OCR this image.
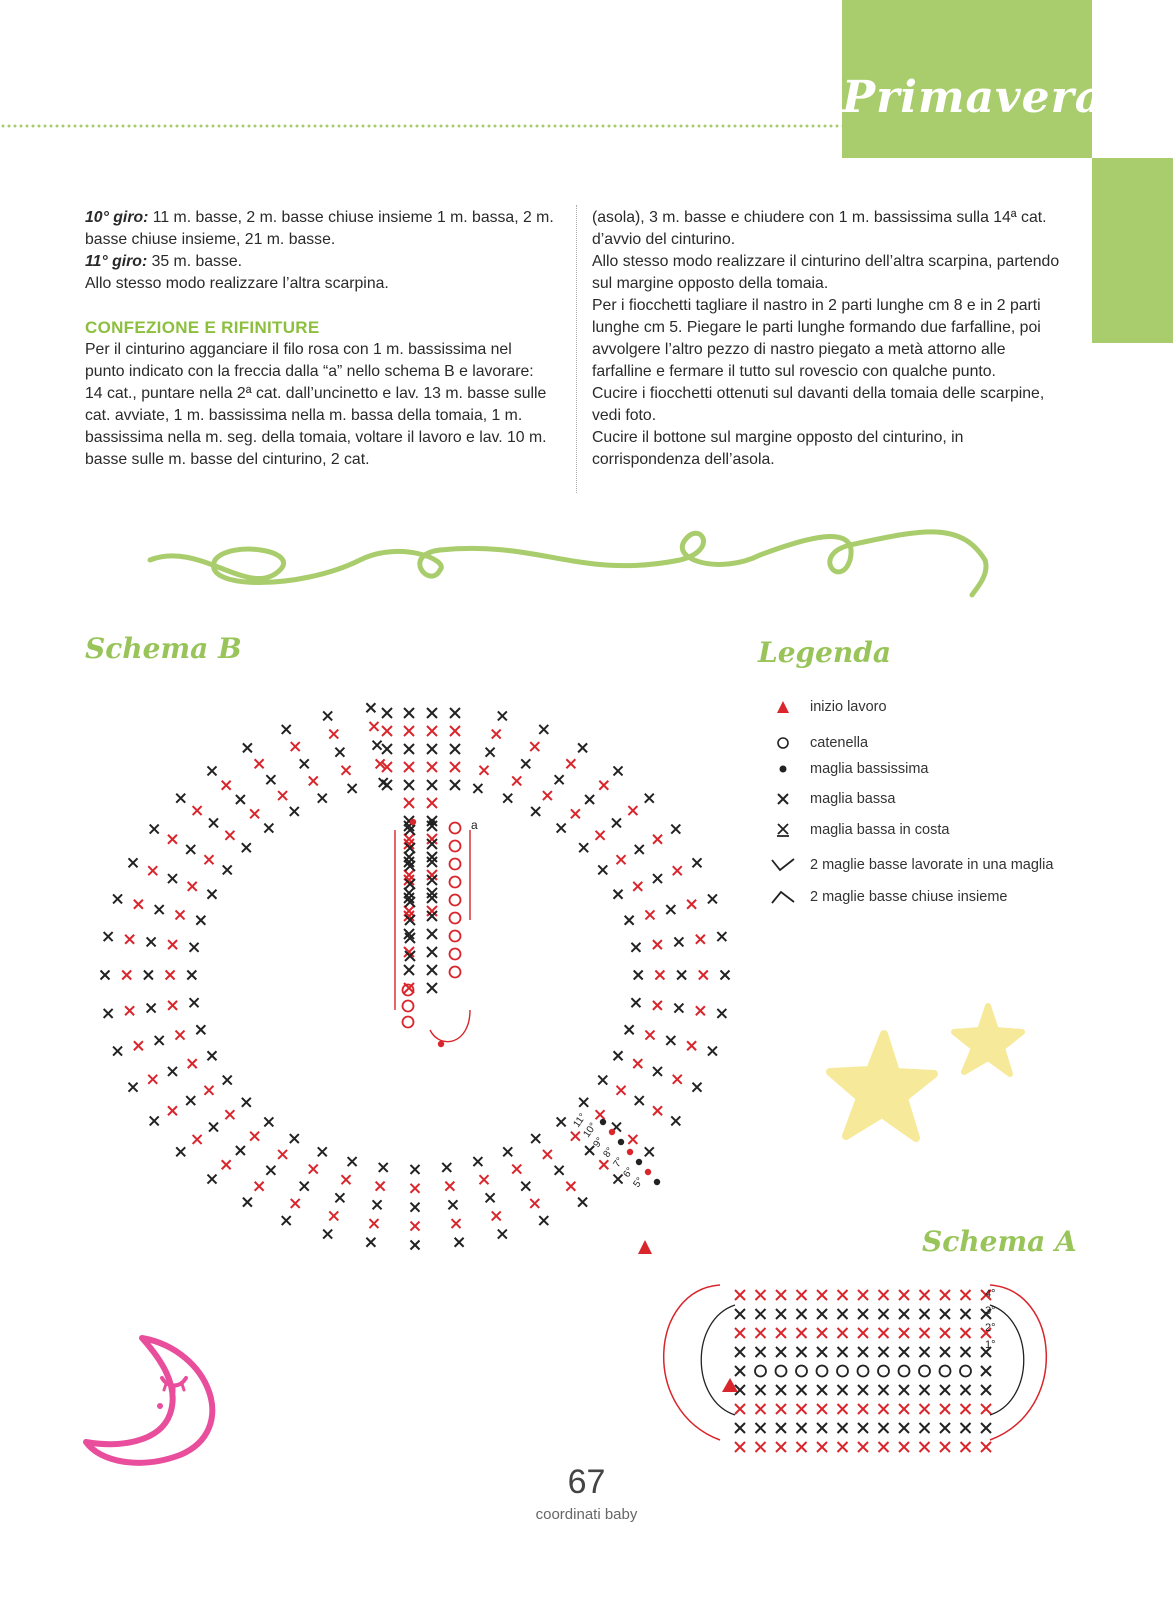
Primavera

10° giro: 11 m. basse, 2 m. basse chiuse insieme 1 m. bassa, 2 m. basse chiuse insieme, 21 m. basse.

11° giro: 35 m. basse.

Allo stesso modo realizzare l’altra scarpina.

CONFEZIONE E RIFINITURE

Per il cinturino agganciare il filo rosa con 1 m. bassissima nel punto indicato con la freccia dalla “a” nello schema B e lavorare:

14 cat., puntare nella 2ª cat. dall’uncinetto e lav. 13 m. basse sulle cat. avviate, 1 m. bassissima nella m. bassa della tomaia, 1 m. bassissima nella m. seg. della tomaia, voltare il lavoro e lav. 10 m. basse sulle m. basse del cinturino, 2 cat.

(asola), 3 m. basse e chiudere con 1 m. bassissima sulla 14ª cat. d’avvio del cinturino.

Allo stesso modo realizzare il cinturino dell’altra scarpina, partendo sul margine opposto della tomaia.

Per i fiocchetti tagliare il nastro in 2 parti lunghe cm 8 e in 2 parti lunghe cm 5. Piegare le parti lunghe formando due farfalline, poi avvolgere l’altro pezzo di nastro piegato a metà attorno alle farfalline e fermare il tutto sul rovescio con qualche punto.

Cucire i fiocchetti ottenuti sul davanti della tomaia delle scarpine, vedi foto.

Cucire il bottone sul margine opposto del cinturino, in corrispondenza dell’asola.

Schema B	Legenda
Schema A
inizio lavoro
catenella
maglia bassissima
maglia bassa
maglia bassa in costa
2 maglie basse lavorate in una maglia
2 maglie basse chiuse insieme
a
11°
10°
9°
8°
7°
6°
5°
4°
3°
2°
1°
67
coordinati baby
